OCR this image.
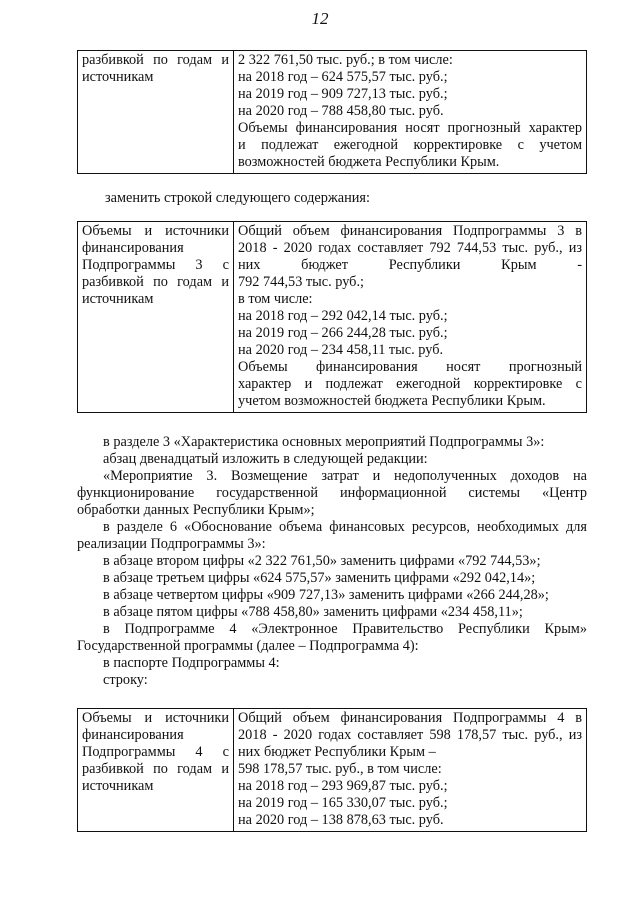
12
разбивкой по годам и
источникам

2 322 761,50 тыс. руб.; в том числе:
на 2018 год – 624 575,57 тыс. руб.;
на 2019 год – 909 727,13 тыс. руб.;
на 2020 год – 788 458,80 тыс. руб.
Объемы финансирования носят прогнозный характер
и подлежат ежегодной корректировке с учетом
возможностей бюджета Республики Крым.
заменить строкой следующего содержания:
Объемы и источники
финансирования
Подпрограммы 3 с
разбивкой по годам и
источникам

Общий объем финансирования Подпрограммы 3 в
2018 - 2020 годах составляет 792 744,53 тыс. руб., из
них бюджет Республики Крым -
792 744,53 тыс. руб.;
в том числе:
на 2018 год – 292 042,14 тыс. руб.;
на 2019 год – 266 244,28 тыс. руб.;
на 2020 год – 234 458,11 тыс. руб.
Объемы финансирования носят прогнозный
характер и подлежат ежегодной корректировке с
учетом возможностей бюджета Республики Крым.

в разделе 3 «Характеристика основных мероприятий Подпрограммы 3»:

абзац двенадцатый изложить в следующей редакции:

«Мероприятие 3. Возмещение затрат и недополученных доходов на

функционирование государственной информационной системы «Центр

обработки данных Республики Крым»;

в разделе 6 «Обоснование объема финансовых ресурсов, необходимых для

реализации Подпрограммы 3»:

в абзаце втором цифры «2 322 761,50» заменить цифрами «792 744,53»;

в абзаце третьем цифры «624 575,57» заменить цифрами «292 042,14»;

в абзаце четвертом цифры «909 727,13» заменить цифрами «266 244,28»;

в абзаце пятом цифры «788 458,80» заменить цифрами «234 458,11»;

в Подпрограмме 4 «Электронное Правительство Республики Крым»

Государственной программы (далее – Подпрограмма 4):

в паспорте Подпрограммы 4:

строку:

Объемы и источники
финансирования
Подпрограммы 4 с
разбивкой по годам и
источникам

Общий объем финансирования Подпрограммы 4 в
2018 - 2020 годах составляет 598 178,57 тыс. руб., из
них бюджет Республики Крым –
598 178,57 тыс. руб., в том числе:
на 2018 год – 293 969,87 тыс. руб.;
на 2019 год – 165 330,07 тыс. руб.;
на 2020 год – 138 878,63 тыс. руб.
